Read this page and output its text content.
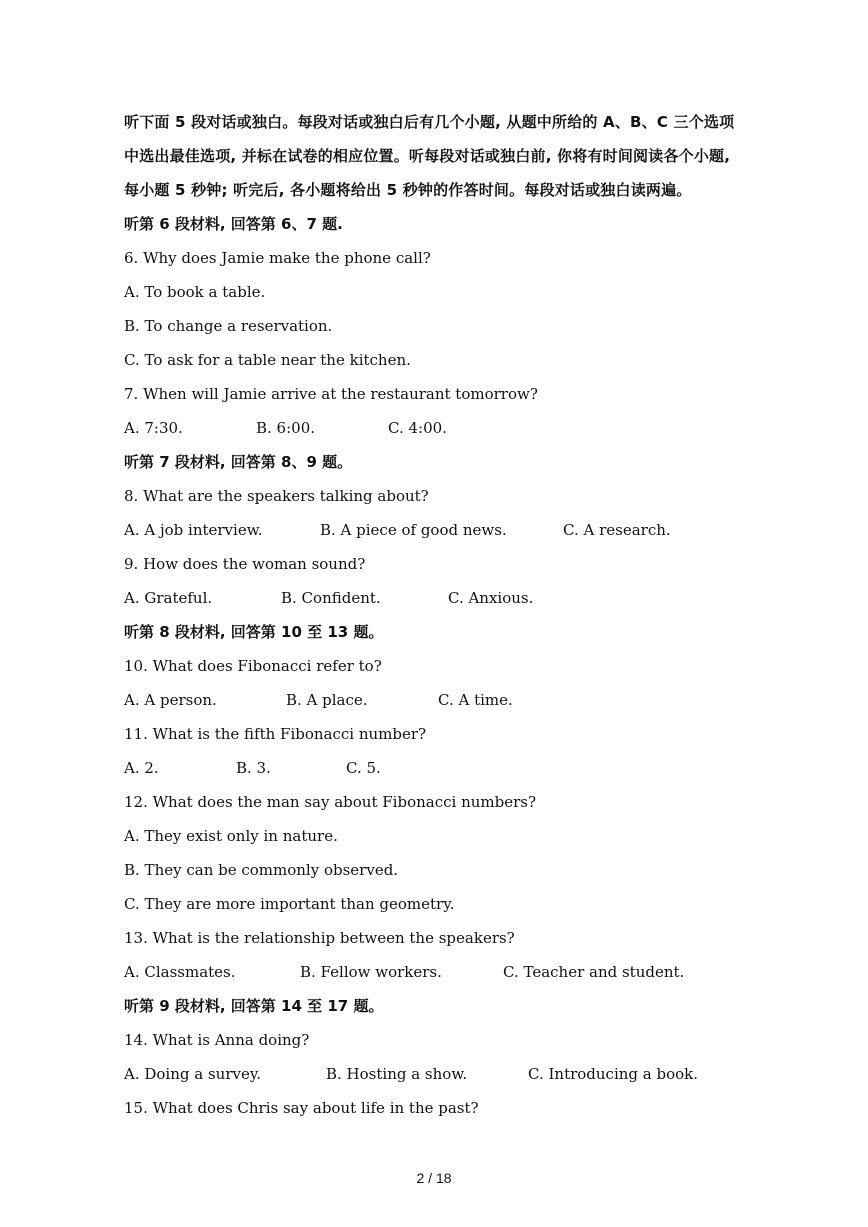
听下面 5 段对话或独白。每段对话或独白后有几个小题, 从题中所给的 A、B、C 三个选项中选出最佳选项, 并标在试卷的相应位置。听每段对话或独白前, 你将有时间阅读各个小题, 每小题 5 秒钟; 听完后, 各小题将给出 5 秒钟的作答时间。每段对话或独白读两遍。

听第 6 段材料, 回答第 6、7 题.
6. Why does Jamie make the phone call?
A. To book a table.
B. To change a reservation.
C. To ask for a table near the kitchen.
7. When will Jamie arrive at the restaurant tomorrow?
A. 7:30.	B. 6:00.	C. 4:00.
听第 7 段材料, 回答第 8、9 题。
8. What are the speakers talking about?
A. A job interview.	B. A piece of good news.	C. A research.
9. How does the woman sound?
A. Grateful.	B. Confident.	C. Anxious.
听第 8 段材料, 回答第 10 至 13 题。
10. What does Fibonacci refer to?
A. A person.	B. A place.	C. A time.
11. What is the fifth Fibonacci number?
A. 2.	B. 3.	C. 5.
12. What does the man say about Fibonacci numbers?
A. They exist only in nature.
B. They can be commonly observed.
C. They are more important than geometry.
13. What is the relationship between the speakers?
A. Classmates.	B. Fellow workers.	C. Teacher and student.
听第 9 段材料, 回答第 14 至 17 题。
14. What is Anna doing?
A. Doing a survey.	B. Hosting a show.	C. Introducing a book.
15. What does Chris say about life in the past?
2 / 18
